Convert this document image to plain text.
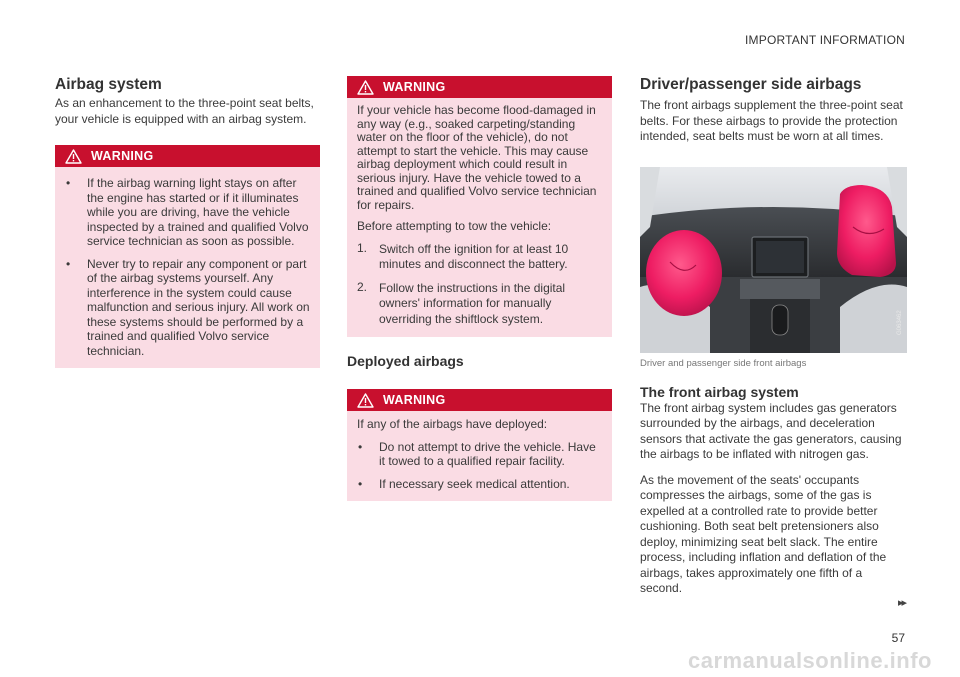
IMPORTANT INFORMATION
Airbag system

As an enhancement to the three-point seat belts, your vehicle is equipped with an airbag system.

WARNING
•	If the airbag warning light stays on after the engine has started or if it illuminates while you are driving, have the vehicle inspected by a trained and qualified Volvo service technician as soon as possible.
•	Never try to repair any component or part of the airbag systems yourself. Any interference in the system could cause malfunction and serious injury. All work on these systems should be performed by a trained and qualified Volvo service technician.
WARNING
If your vehicle has become flood-damaged in any way (e.g., soaked carpeting/standing water on the floor of the vehicle), do not attempt to start the vehicle. This may cause airbag deployment which could result in serious injury. Have the vehicle towed to a trained and qualified Volvo service technician for repairs.
Before attempting to tow the vehicle:
1. Switch off the ignition for at least 10 minutes and disconnect the battery.
2. Follow the instructions in the digital owners' information for manually overriding the shiftlock system.
Deployed airbags
WARNING
If any of the airbags have deployed:
•	Do not attempt to drive the vehicle. Have it towed to a qualified repair facility.
•	If necessary seek medical attention.
Driver/passenger side airbags

The front airbags supplement the three-point seat belts. For these airbags to provide the protection intended, seat belts must be worn at all times.

G063462
Driver and passenger side front airbags
The front airbag system

The front airbag system includes gas generators surrounded by the airbags, and deceleration sensors that activate the gas generators, causing the airbags to be inflated with nitrogen gas.

As the movement of the seats' occupants compresses the airbags, some of the gas is expelled at a controlled rate to provide better cushioning. Both seat belt pretensioners also deploy, minimizing seat belt slack. The entire process, including inflation and deflation of the airbags, takes approximately one fifth of a second.

▸▸
57
carmanualsonline.info
